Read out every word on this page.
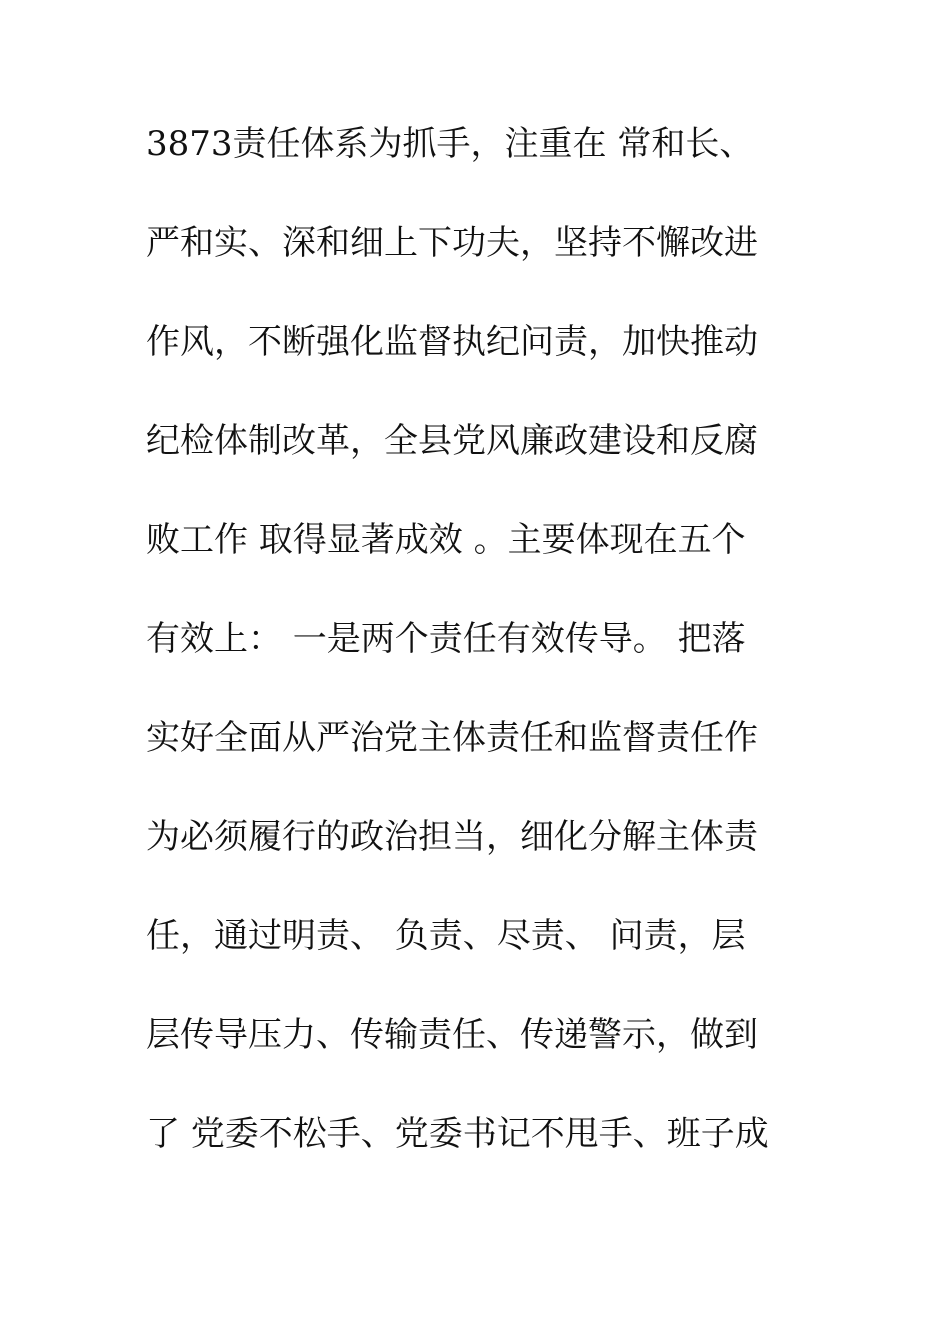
3873责任体系为抓手，注重在 常和长、
严和实、深和细上下功夫，坚持不懈改进
作风，不断强化监督执纪问责，加快推动
纪检体制改革，全县党风廉政建设和反腐
败工作 取得显著成效 。主要体现在五个
有效上： 一是两个责任有效传导。 把落
实好全面从严治党主体责任和监督责任作
为必须履行的政治担当，细化分解主体责
任，通过明责、 负责、尽责、 问责，层
层传导压力、传输责任、传递警示，做到
了 党委不松手、党委书记不甩手、班子成
